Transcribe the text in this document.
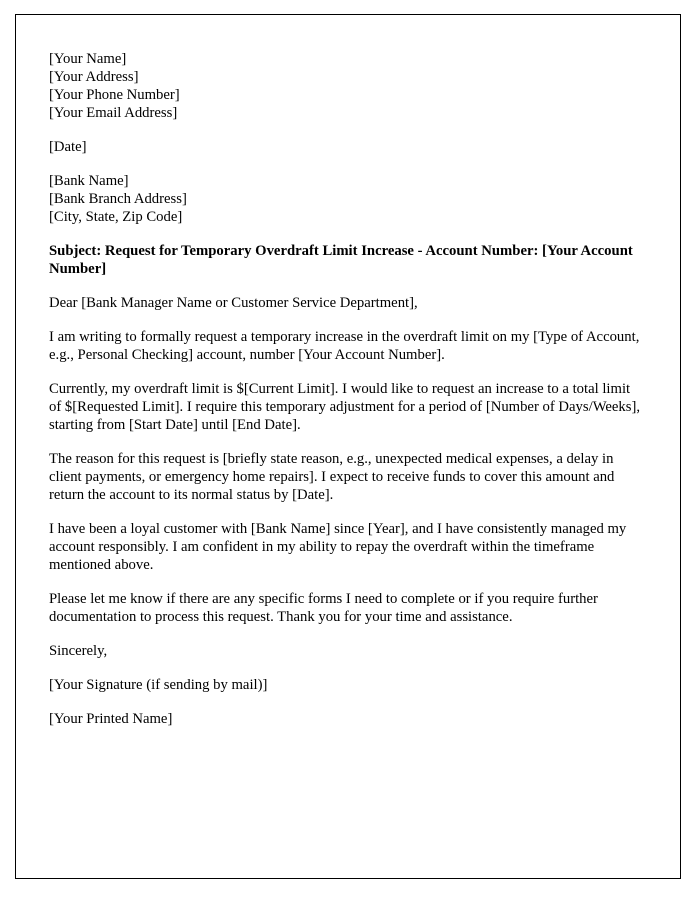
[Your Name]
[Your Address]
[Your Phone Number]
[Your Email Address]
[Date]
[Bank Name]
[Bank Branch Address]
[City, State, Zip Code]
Subject: Request for Temporary Overdraft Limit Increase - Account Number: [Your Account Number]
Dear [Bank Manager Name or Customer Service Department],
I am writing to formally request a temporary increase in the overdraft limit on my [Type of Account, e.g., Personal Checking] account, number [Your Account Number].
Currently, my overdraft limit is $[Current Limit]. I would like to request an increase to a total limit of $[Requested Limit]. I require this temporary adjustment for a period of [Number of Days/Weeks], starting from [Start Date] until [End Date].
The reason for this request is [briefly state reason, e.g., unexpected medical expenses, a delay in client payments, or emergency home repairs]. I expect to receive funds to cover this amount and return the account to its normal status by [Date].
I have been a loyal customer with [Bank Name] since [Year], and I have consistently managed my account responsibly. I am confident in my ability to repay the overdraft within the timeframe mentioned above.
Please let me know if there are any specific forms I need to complete or if you require further documentation to process this request. Thank you for your time and assistance.
Sincerely,
[Your Signature (if sending by mail)]
[Your Printed Name]
